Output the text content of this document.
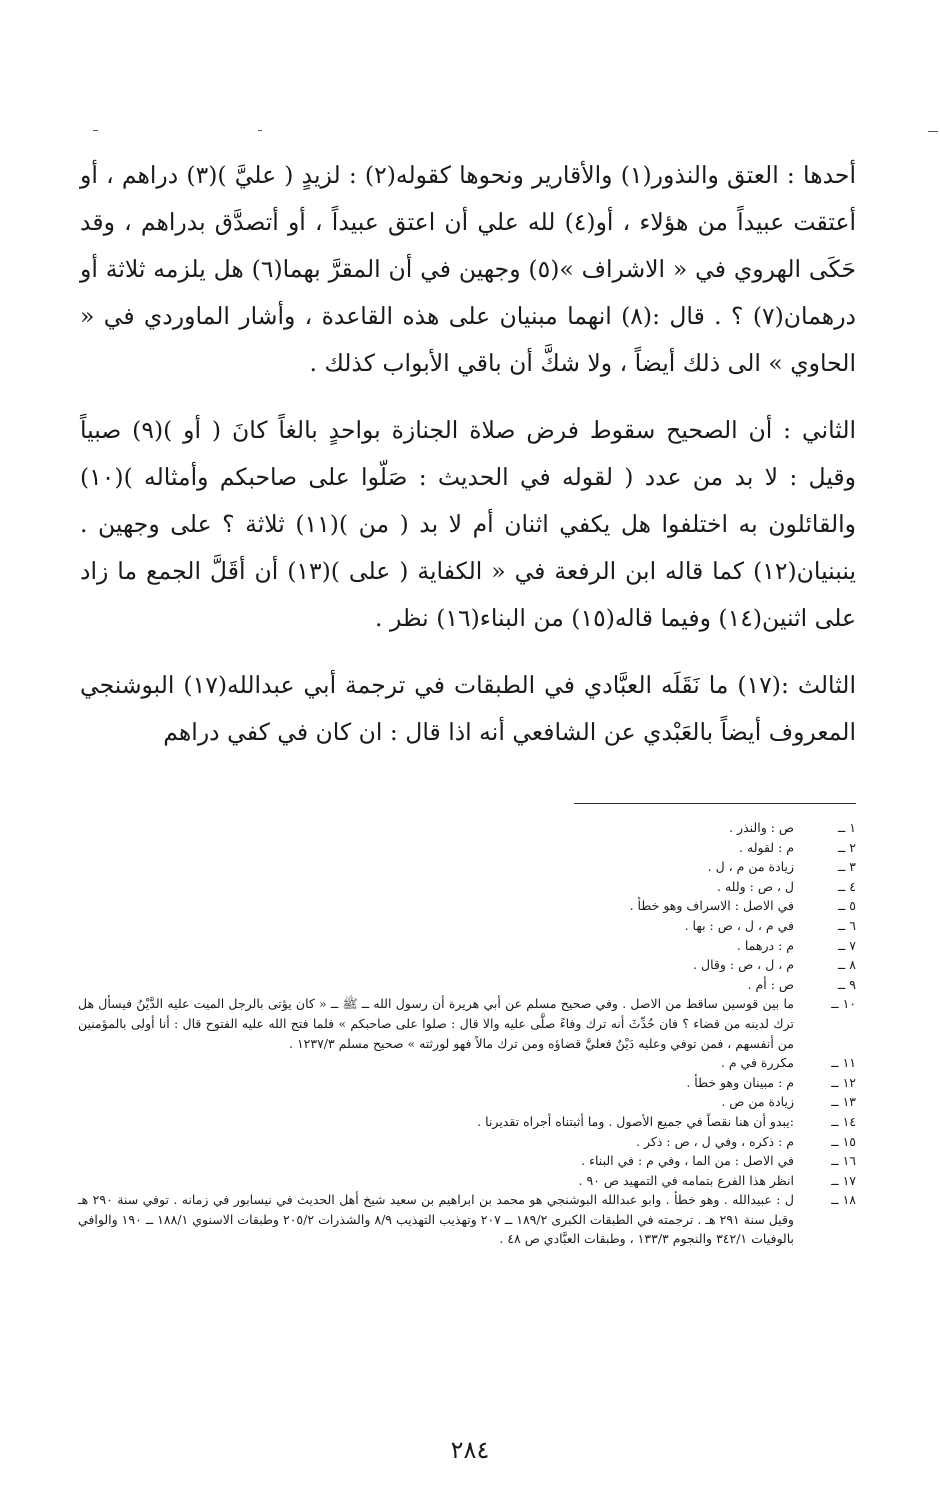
أحدها : العتق والنذور(١) والأقارير ونحوها كقوله(٢) : لزيدٍ ( عليَّ )(٣) دراهم ، أو أعتقت عبيداً من هؤلاء ، أو(٤) لله علي أن اعتق عبيداً ، أو أتصدَّق بدراهم ، وقد حَكَى الهروي في « الاشراف »(٥) وجهين في أن المقرَّ بهما(٦) هل يلزمه ثلاثة أو درهمان(٧) ؟ . قال :(٨) انهما مبنيان على هذه القاعدة ، وأشار الماوردي في « الحاوي » الى ذلك أيضاً ، ولا شكَّ أن باقي الأبواب كذلك .

الثاني : أن الصحيح سقوط فرض صلاة الجنازة بواحدٍ بالغاً كانَ ( أو )(٩) صبياً وقيل : لا بد من عدد ( لقوله في الحديث : صَلّوا على صاحبكم وأمثاله )(١٠) والقائلون به اختلفوا هل يكفي اثنان أم لا بد ( من )(١١) ثلاثة ؟ على وجهين . ينبنيان(١٢) كما قاله ابن الرفعة في « الكفاية ( على )(١٣) أن أقَلَّ الجمع ما زاد على اثنين(١٤) وفيما قاله(١٥) من البناء(١٦) نظر .

الثالث :(١٧) ما نَقَلَه العبَّادي في الطبقات في ترجمة أبي عبدالله(١٧) البوشنجي المعروف أيضاً بالعَبْدي عن الشافعي أنه اذا قال : ان كان في كفي دراهم

١ ــ
ص : والنذر .
٢ ــ
م : لقوله .
٣ ــ
زيادة من م ، ل .
٤ ــ
ل ، ص : ولله .
٥ ــ
في الاصل : الاسراف وهو خطأ .
٦ ــ
في م ، ل ، ص : بها .
٧ ــ
م : درهما .
٨ ــ
م ، ل ، ص : وقال .
٩ ــ
ص : أم .
١٠ ــ
ما بين قوسين ساقط من الاصل . وفي صحيح مسلم عن أبي هريرة أن رسول الله ــ ﷺ ــ « كان يؤتى بالرجل الميت عليه الدَّيْنُ فيسأل هل ترك لدينه من قضاء ؟ فان حُدِّثَ أنه ترك وفاءً صلَّى عليه والا قال : صلوا على صاحبكم » فلما فتح الله عليه الفتوح قال : أنا أولى بالمؤمنين من أنفسهم ، فمن توفي وعليه دَيْنٌ فعليَّ قضاؤه ومن ترك مالاً فهو لورثته » صحيح مسلم ١٢٣٧/٣ .
١١ ــ
مكررة في م .
١٢ ــ
م : مبينان وهو خطأ .
١٣ ــ
زيادة من ص .
١٤ ــ
:يبدو أن هنا نقصاً في جميع الأصول . وما أثبتناه أجراه تقديرنا .
١٥ ــ
م : ذكره ، وفي ل ، ص : ذكر .
١٦ ــ
في الاصل : من الما ، وفي م : في البناء .
١٧ ــ
انظر هذا الفرع بتمامه في التمهيد ص ٩٠ .
١٨ ــ
ل : عبيدالله . وهو خطأ . وابو عبدالله البوشنجي هو محمد بن ابراهيم بن سعيد شيخ أهل الحديث في نيسابور في زمانه . توفي سنة ٢٩٠ هـ وقيل سنة ٢٩١ هـ . ترجمته في الطبقات الكبرى ١٨٩/٢ ــ ٢٠٧ وتهذيب التهذيب ٨/٩ والشذرات ٢٠٥/٢ وطبقات الاسنوي ١٨٨/١ ــ ١٩٠ والوافي بالوفيات ٣٤٢/١ والنجوم ١٣٣/٣ ، وطبقات العبَّادي ص ٤٨ .
٢٨٤
